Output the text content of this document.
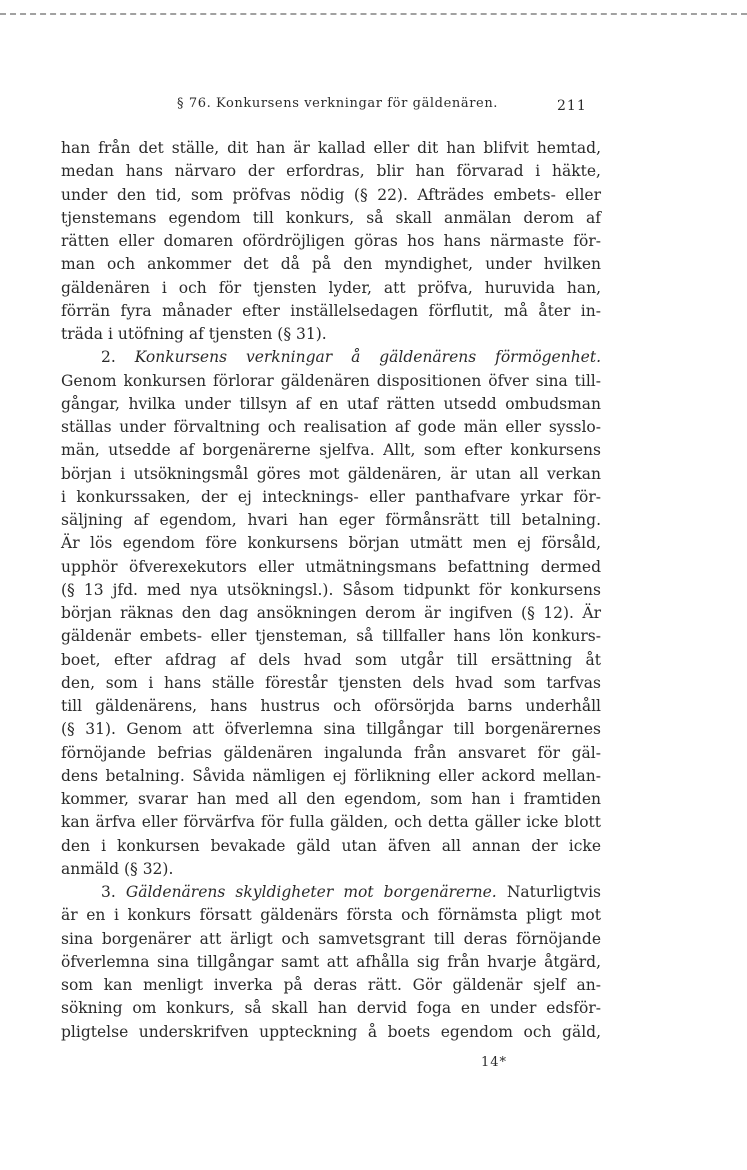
§ 76. Konkursens verkningar för gäldenären.	211
han från det ställe, dit han är kallad eller dit han blifvit hemtad,
medan hans närvaro der erfordras, blir han förvarad i häkte,
under den tid, som pröfvas nödig (§ 22). Afträdes embets- eller
tjenstemans egendom till konkurs, så skall anmälan derom af
rätten eller domaren ofördröjligen göras hos hans närmaste för-
man och ankommer det då på den myndighet, under hvilken
gäldenären i och för tjensten lyder, att pröfva, huruvida han,
förrän fyra månader efter inställelsedagen förflutit, må åter in-
träda i utöfning af tjensten (§ 31).
2. Konkursens verkningar å gäldenärens förmögenhet.
Genom konkursen förlorar gäldenären dispositionen öfver sina till-
gångar, hvilka under tillsyn af en utaf rätten utsedd ombudsman
ställas under förvaltning och realisation af gode män eller sysslo-
män, utsedde af borgenärerne sjelfva. Allt, som efter konkursens
början i utsökningsmål göres mot gäldenären, är utan all verkan
i konkurssaken, der ej intecknings- eller panthafvare yrkar för-
säljning af egendom, hvari han eger förmånsrätt till betalning.
Är lös egendom före konkursens början utmätt men ej försåld,
upphör öfverexekutors eller utmätningsmans befattning dermed
(§ 13 jfd. med nya utsökningsl.). Såsom tidpunkt för konkursens
början räknas den dag ansökningen derom är ingifven (§ 12). Är
gäldenär embets- eller tjensteman, så tillfaller hans lön konkurs-
boet, efter afdrag af dels hvad som utgår till ersättning åt
den, som i hans ställe förestår tjensten dels hvad som tarfvas
till gäldenärens, hans hustrus och oförsörjda barns underhåll
(§ 31). Genom att öfverlemna sina tillgångar till borgenärernes
förnöjande befrias gäldenären ingalunda från ansvaret för gäl-
dens betalning. Såvida nämligen ej förlikning eller ackord mellan-
kommer, svarar han med all den egendom, som han i framtiden
kan ärfva eller förvärfva för fulla gälden, och detta gäller icke blott
den i konkursen bevakade gäld utan äfven all annan der icke
anmäld (§ 32).
3. Gäldenärens skyldigheter mot borgenärerne. Naturligtvis
är en i konkurs försatt gäldenärs första och förnämsta pligt mot
sina borgenärer att ärligt och samvetsgrant till deras förnöjande
öfverlemna sina tillgångar samt att afhålla sig från hvarje åtgärd,
som kan menligt inverka på deras rätt. Gör gäldenär sjelf an-
sökning om konkurs, så skall han dervid foga en under edsför-
pligtelse underskrifven uppteckning å boets egendom och gäld,
14*
